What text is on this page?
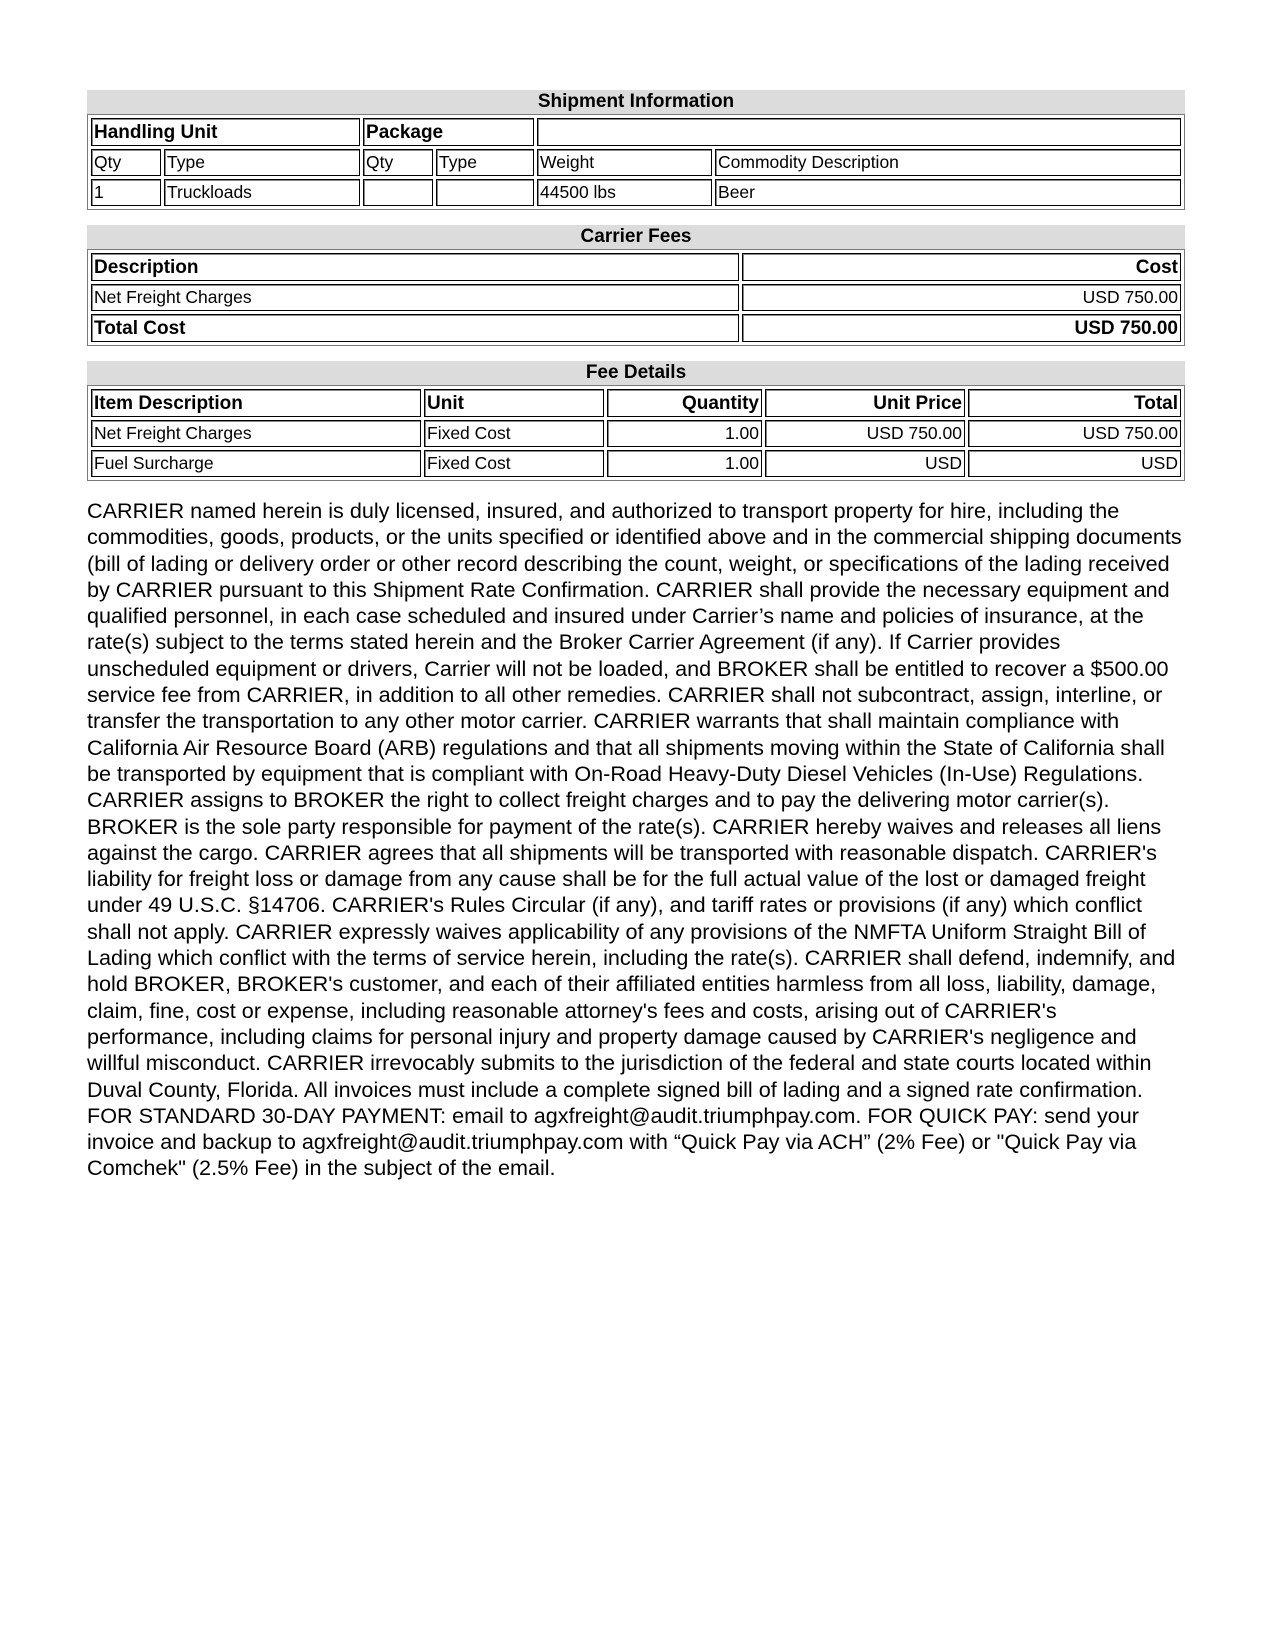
Shipment Information
Handling Unit		Package			
Qty	Type	Qty	Type	Weight	Commodity Description
1	Truckloads			44500 lbs	Beer
Carrier Fees
Description	Cost
Net Freight Charges	USD 750.00
Total Cost	USD 750.00
Fee Details
Item Description	Unit	Quantity	Unit Price	Total
Net Freight Charges	Fixed Cost	1.00	USD 750.00	USD 750.00
Fuel Surcharge	Fixed Cost	1.00	USD	USD
CARRIER named herein is duly licensed, insured, and authorized to transport property for hire, including the commodities, goods, products, or the units specified or identified above and in the commercial shipping documents (bill of lading or delivery order or other record describing the count, weight, or specifications of the lading received by CARRIER pursuant to this Shipment Rate Confirmation. CARRIER shall provide the necessary equipment and qualified personnel, in each case scheduled and insured under Carrier’s name and policies of insurance, at the rate(s) subject to the terms stated herein and the Broker Carrier Agreement (if any). If Carrier provides unscheduled equipment or drivers, Carrier will not be loaded, and BROKER shall be entitled to recover a $500.00 service fee from CARRIER, in addition to all other remedies. CARRIER shall not subcontract, assign, interline, or transfer the transportation to any other motor carrier. CARRIER warrants that shall maintain compliance with California Air Resource Board (ARB) regulations and that all shipments moving within the State of California shall be transported by equipment that is compliant with On-Road Heavy-Duty Diesel Vehicles (In-Use) Regulations. CARRIER assigns to BROKER the right to collect freight charges and to pay the delivering motor carrier(s). BROKER is the sole party responsible for payment of the rate(s). CARRIER hereby waives and releases all liens against the cargo. CARRIER agrees that all shipments will be transported with reasonable dispatch. CARRIER's liability for freight loss or damage from any cause shall be for the full actual value of the lost or damaged freight under 49 U.S.C. §14706. CARRIER's Rules Circular (if any), and tariff rates or provisions (if any) which conflict shall not apply. CARRIER expressly waives applicability of any provisions of the NMFTA Uniform Straight Bill of Lading which conflict with the terms of service herein, including the rate(s). CARRIER shall defend, indemnify, and hold BROKER, BROKER's customer, and each of their affiliated entities harmless from all loss, liability, damage, claim, fine, cost or expense, including reasonable attorney's fees and costs, arising out of CARRIER's performance, including claims for personal injury and property damage caused by CARRIER's negligence and willful misconduct. CARRIER irrevocably submits to the jurisdiction of the federal and state courts located within Duval County, Florida. All invoices must include a complete signed bill of lading and a signed rate confirmation. FOR STANDARD 30-DAY PAYMENT: email to agxfreight@audit.triumphpay.com. FOR QUICK PAY: send your invoice and backup to agxfreight@audit.triumphpay.com with “Quick Pay via ACH” (2% Fee) or "Quick Pay via Comchek" (2.5% Fee) in the subject of the email.
